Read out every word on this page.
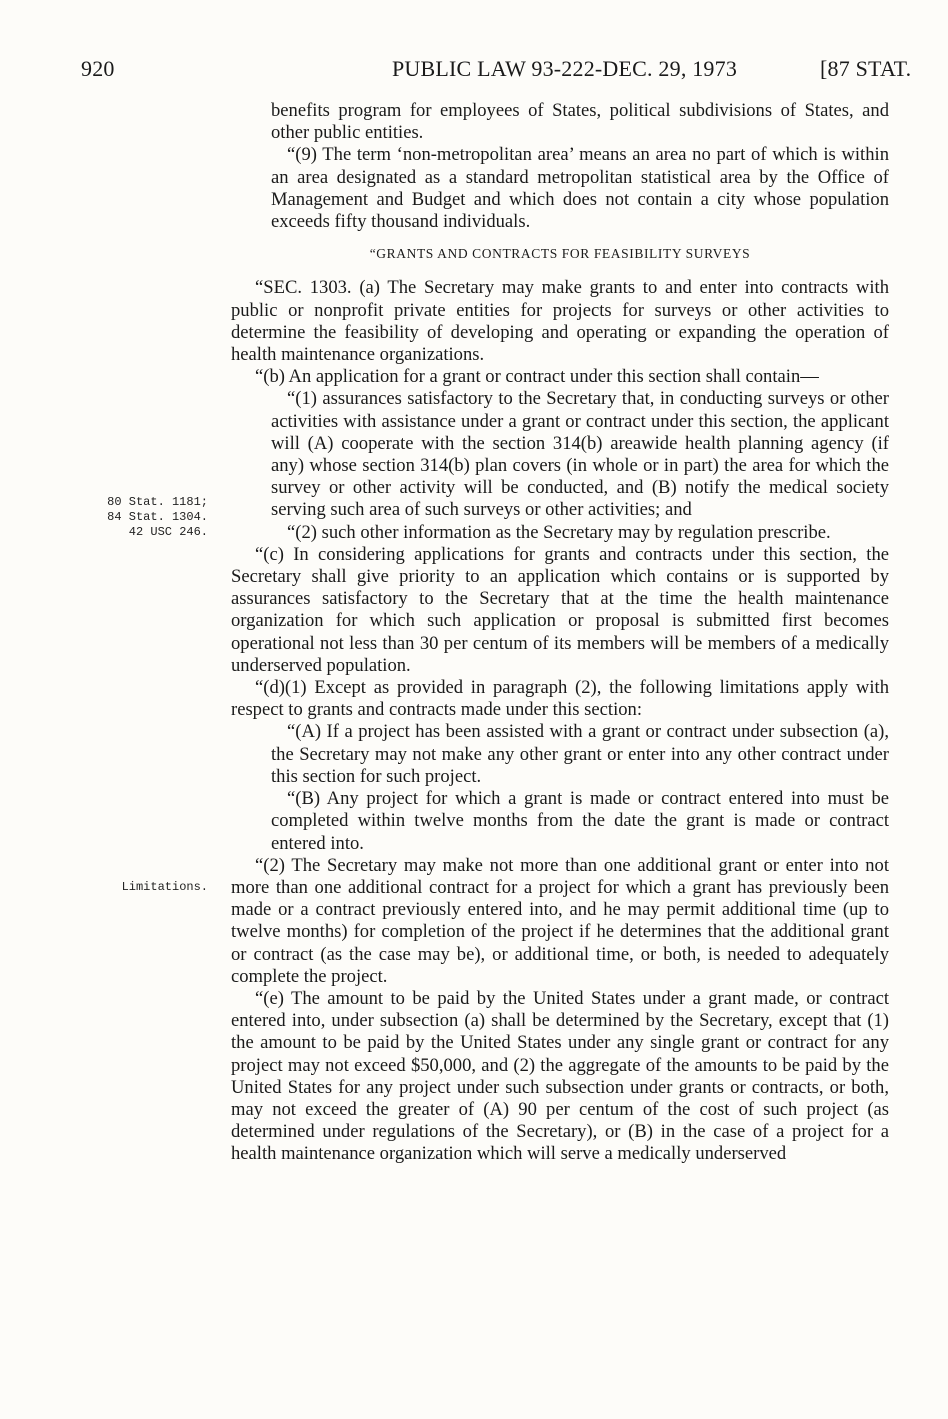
920	PUBLIC LAW 93-222-DEC. 29, 1973	[87 STAT.
80 Stat. 1181;
84 Stat. 1304.
42 USC 246.
Limitations.

benefits program for employees of States, political subdivisions of States, and other public entities.

“(9) The term ‘non-metropolitan area’ means an area no part of which is within an area designated as a standard metropolitan statistical area by the Office of Management and Budget and which does not contain a city whose population exceeds fifty thousand individuals.

“GRANTS AND CONTRACTS FOR FEASIBILITY SURVEYS

“SEC. 1303. (a) The Secretary may make grants to and enter into contracts with public or nonprofit private entities for projects for surveys or other activities to determine the feasibility of developing and operating or expanding the operation of health maintenance organizations.

“(b) An application for a grant or contract under this section shall contain—

“(1) assurances satisfactory to the Secretary that, in conducting surveys or other activities with assistance under a grant or contract under this section, the applicant will (A) cooperate with the section 314(b) areawide health planning agency (if any) whose section 314(b) plan covers (in whole or in part) the area for which the survey or other activity will be conducted, and (B) notify the medical society serving such area of such surveys or other activities; and

“(2) such other information as the Secretary may by regulation prescribe.

“(c) In considering applications for grants and contracts under this section, the Secretary shall give priority to an application which contains or is supported by assurances satisfactory to the Secretary that at the time the health maintenance organization for which such application or proposal is submitted first becomes operational not less than 30 per centum of its members will be members of a medically underserved population.

“(d)(1) Except as provided in paragraph (2), the following limitations apply with respect to grants and contracts made under this section:

“(A) If a project has been assisted with a grant or contract under subsection (a), the Secretary may not make any other grant or enter into any other contract under this section for such project.

“(B) Any project for which a grant is made or contract entered into must be completed within twelve months from the date the grant is made or contract entered into.

“(2) The Secretary may make not more than one additional grant or enter into not more than one additional contract for a project for which a grant has previously been made or a contract previously entered into, and he may permit additional time (up to twelve months) for completion of the project if he determines that the additional grant or contract (as the case may be), or additional time, or both, is needed to adequately complete the project.

“(e) The amount to be paid by the United States under a grant made, or contract entered into, under subsection (a) shall be determined by the Secretary, except that (1) the amount to be paid by the United States under any single grant or contract for any project may not exceed $50,000, and (2) the aggregate of the amounts to be paid by the United States for any project under such subsection under grants or contracts, or both, may not exceed the greater of (A) 90 per centum of the cost of such project (as determined under regulations of the Secretary), or (B) in the case of a project for a health maintenance organization which will serve a medically underserved
